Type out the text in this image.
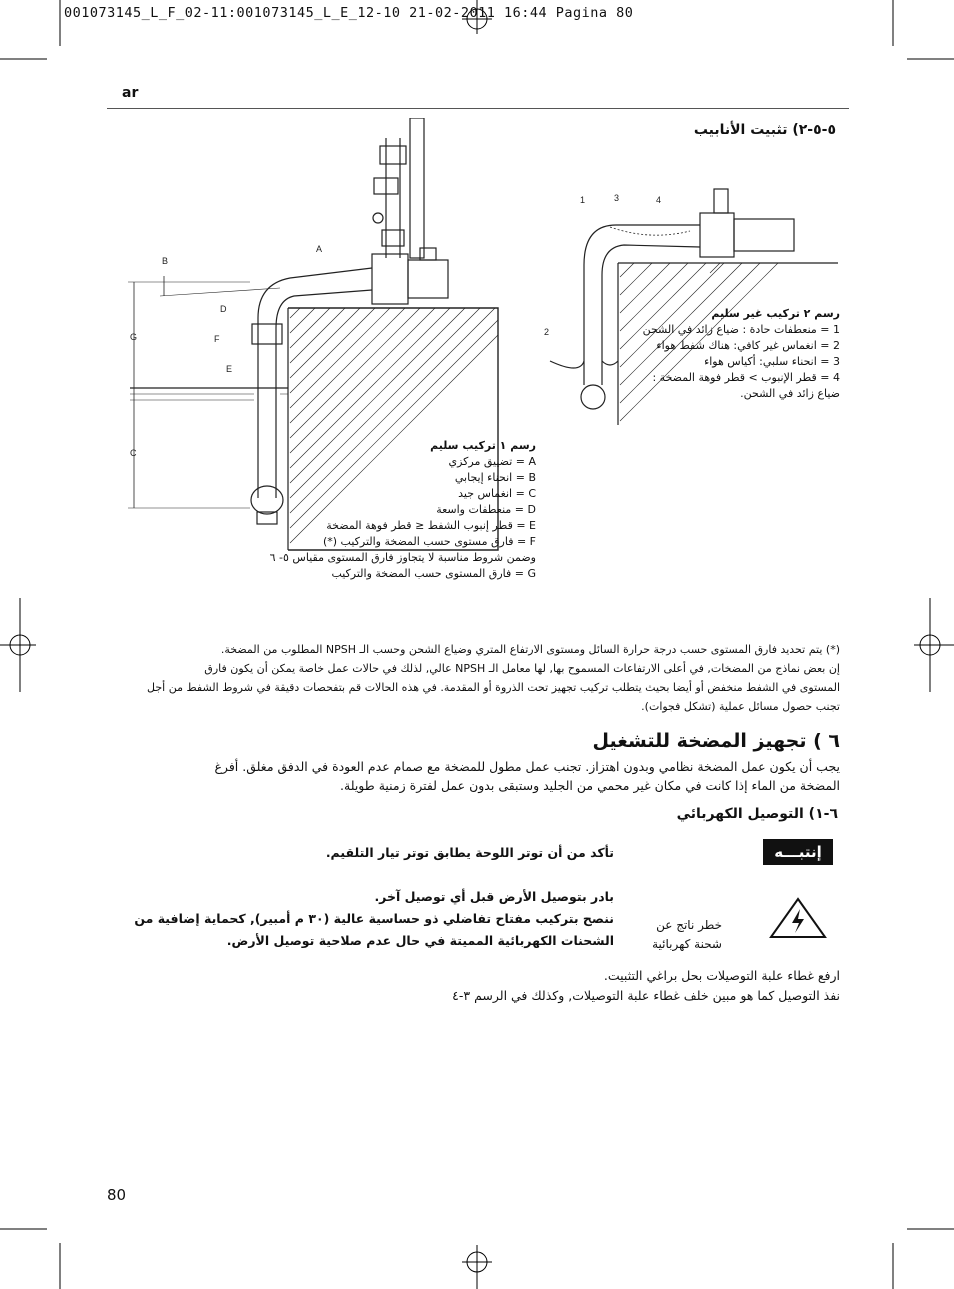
001073145_L_F_02-11:001073145_L_E_12-10 21-02-2011 16:44 Pagina 80
ar
٥-٥-٢) تثبيت الأنابيب
A
B
G
D
F
E
C
1	3	4
2
رسم ٢ تركيب غير سليم
1 = منعطفات حادة : ضياع زائد في الشحن
2 = انغماس غير كافي: هناك شفط هواء
3 = انحناء سلبي: أكياس هواء
4 = قطر الإنبوب > قطر فوهة المضخة :
ضياع زائد في الشحن.
رسم ١ تركيب سليم
A = تضييق مركزي
B = انحناء إيجابي
C = انغماس جيد
D = منعطفات واسعة
E = قطر إنبوب الشفط ≤ قطر فوهة المضخة
F = فارق مستوى حسب المضخة والتركيب (*)
وضمن شروط مناسبة لا يتجاوز فارق المستوى مقياس ٥- ٦
G = فارق المستوى حسب المضخة والتركيب
(*) يتم تحديد فارق المستوى حسب درجة حرارة السائل ومستوى الارتفاع المتري وضياع الشحن وحسب الـ NPSH المطلوب من المضخة.
إن بعض نماذج من المضخات, في أعلى الارتفاعات المسموح بها, لها معامل الـ NPSH عالي, لذلك في حالات عمل خاصة يمكن أن يكون فارق
المستوى في الشفط منخفض أو أيضا بحيث يتطلب تركيب تجهيز تحت الذروة أو المقدمة. في هذه الحالات قم بتفحصات دقيقة في شروط الشفط من أجل
تجنب حصول مسائل عملية (تشكل فجوات).
٦ ) تجهيز المضخة للتشغيل
يجب أن يكون عمل المضخة نظامي وبدون اهتزاز. تجنب عمل مطول للمضخة مع صمام عدم العودة في الدفق مغلق. أفرغ
المضخة من الماء إذا كانت في مكان غير محمي من الجليد وستبقى بدون عمل لفترة زمنية طويلة.
٦-١) التوصيل الكهربائي
إنتبـــه
تأكد من أن توتر اللوحة يطابق توتر تيار التلقيم.
خطر ناتج عن شحنة كهربائية
بادر بتوصيل الأرض قبل أي توصيل آخر.
ننصح بتركيب مفتاح تفاضلي ذو حساسية عالية (٣٠ م أمبير), كحماية إضافية من
الشحنات الكهربائية المميتة في حال عدم صلاحية توصيل الأرض.
ارفع غطاء علبة التوصيلات بحل براغي التثبيت.
نفذ التوصيل كما هو مبين خلف غطاء علبة التوصيلات, وكذلك في الرسم ٣-٤
80
